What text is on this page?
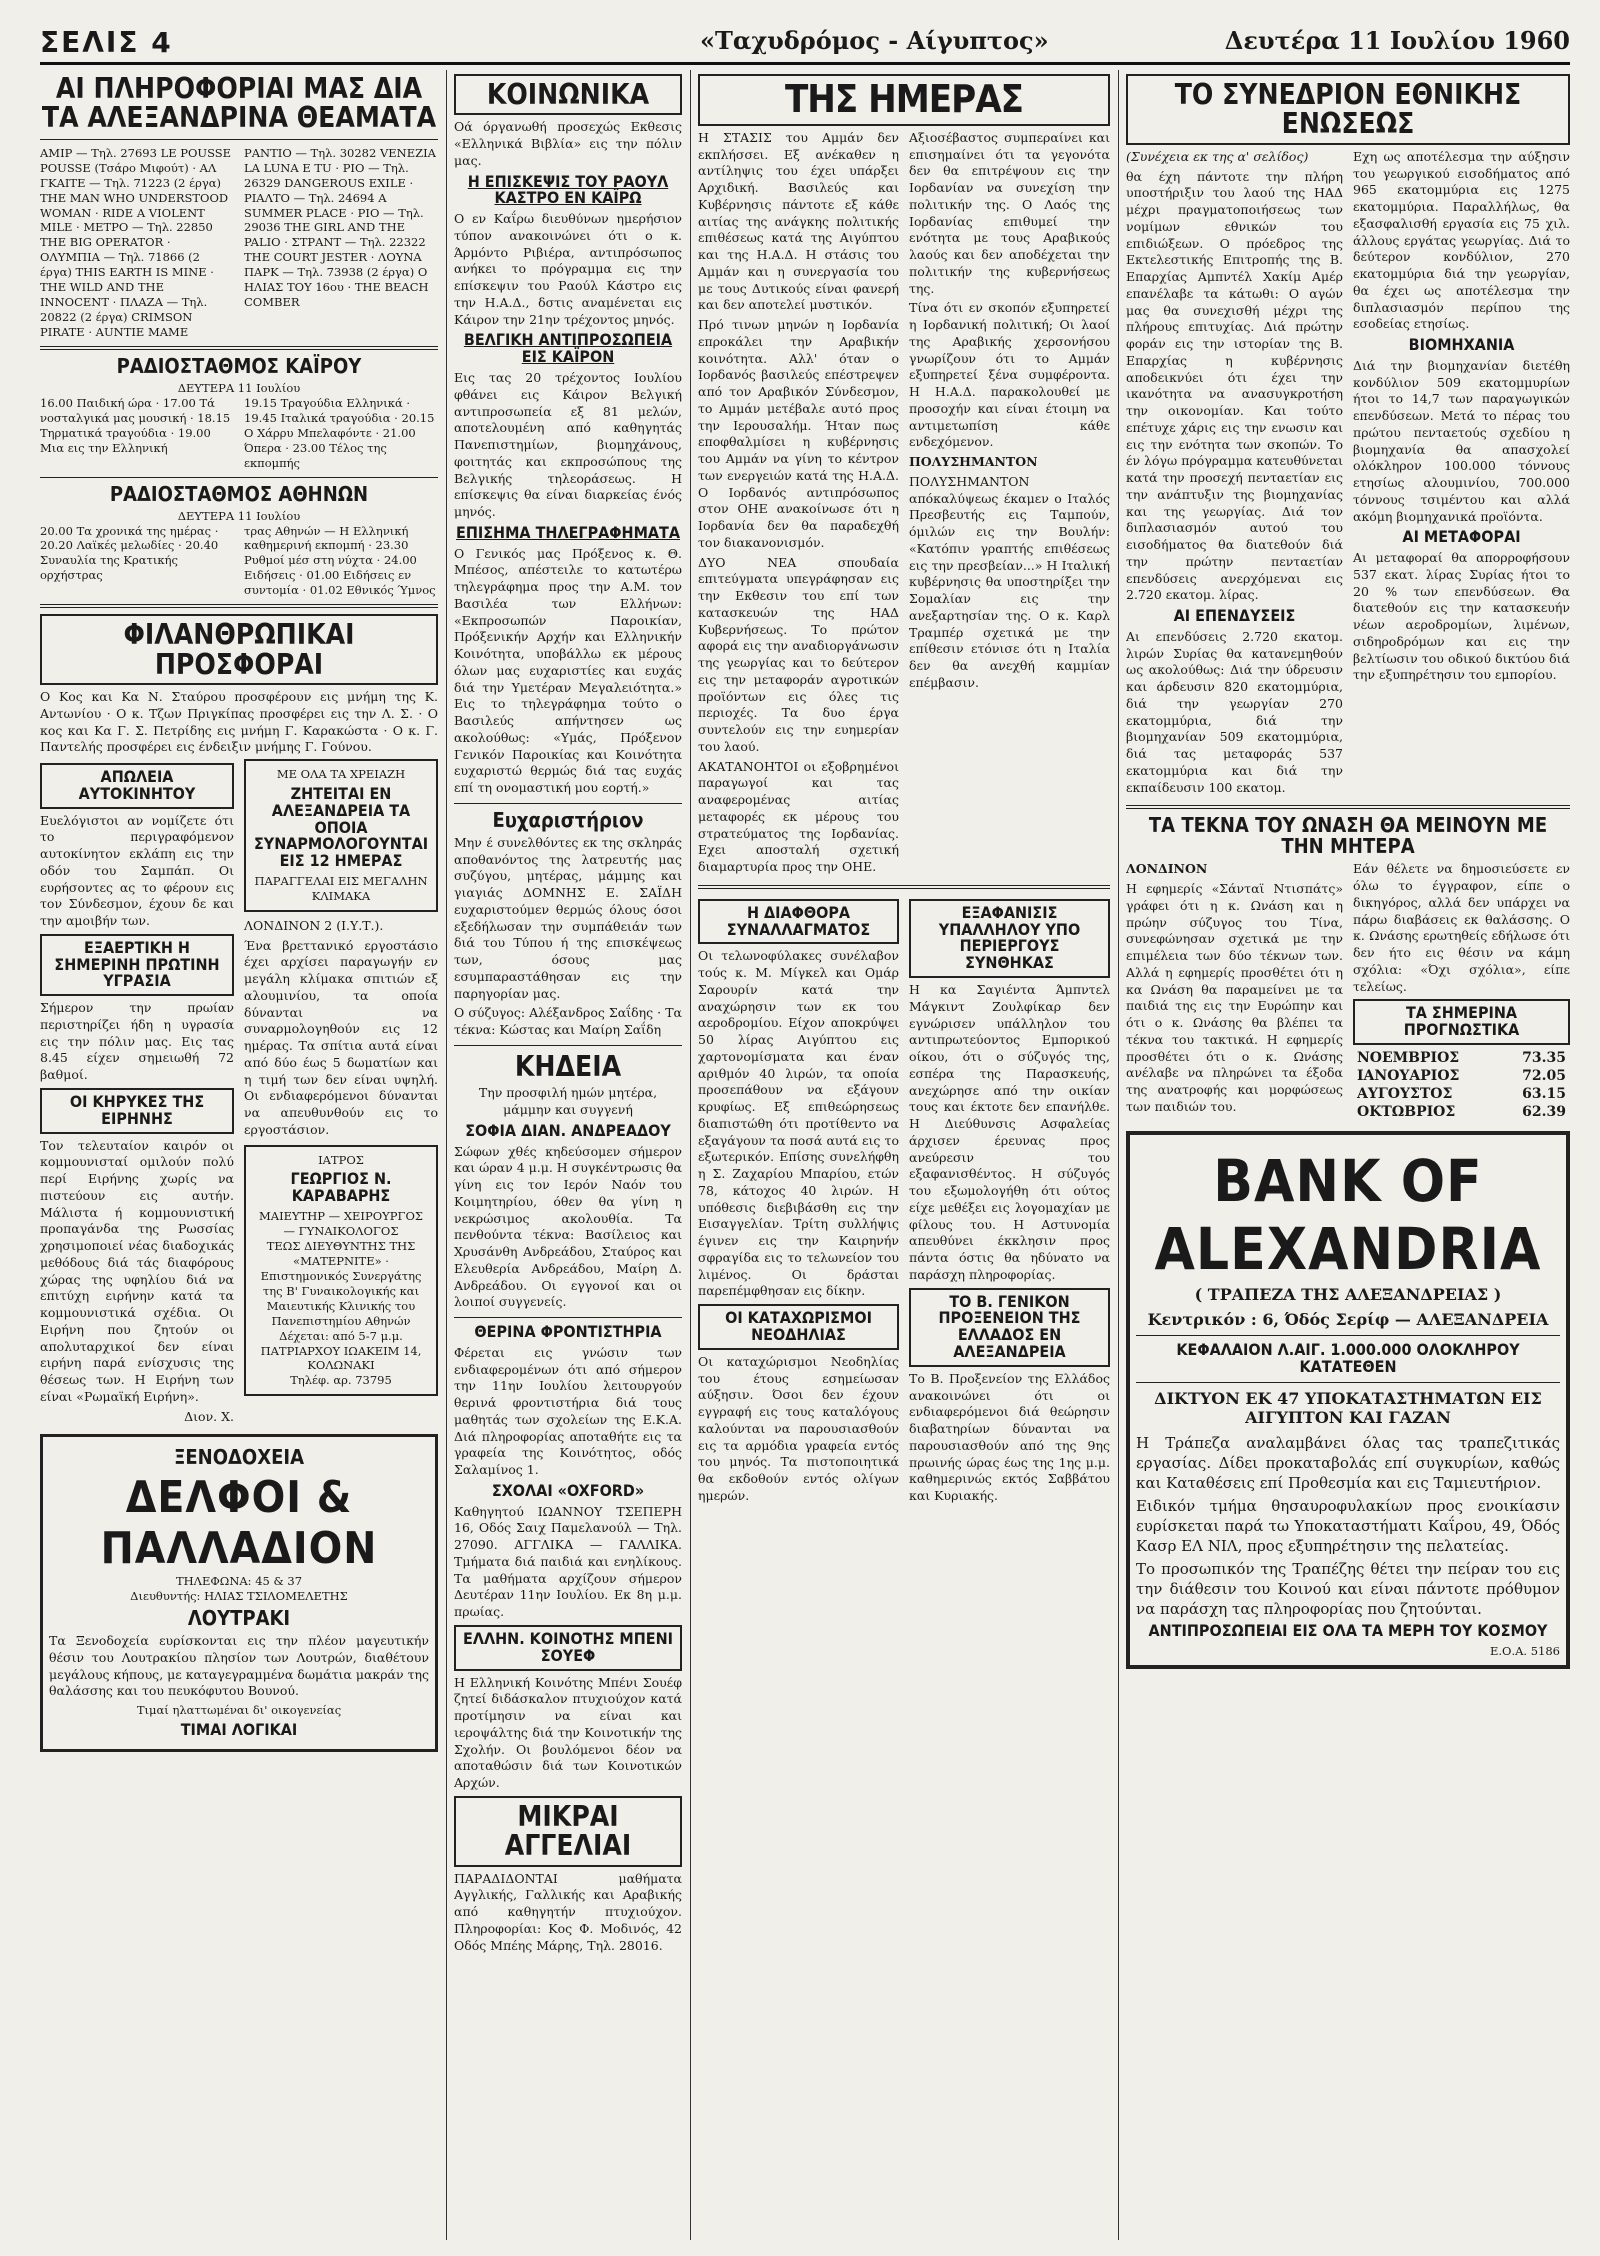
ΣΕΛΙΣ 4	«Ταχυδρόμος - Αίγυπτος»	Δευτέρα 11 Ιουλίου 1960
ΑΙ ΠΛΗΡΟΦΟΡΙΑΙ ΜΑΣ ΔΙΑ ΤΑ ΑΛΕΞΑΝΔΡΙΝΑ ΘΕΑΜΑΤΑ
ΑΜΙΡ — Τηλ. 27693 LE POUSSE POUSSE (Τσάρο Μιφούτ) · ΑΛ ΓΚΑΙΤΕ — Τηλ. 71223 (2 έργα) THE MAN WHO UNDERSTOOD WOMAN · RIDE A VIOLENT MILE · ΜΕΤΡΟ — Τηλ. 22850 THE BIG OPERATOR · ΟΛΥΜΠΙΑ — Τηλ. 71866 (2 έργα) THIS EARTH IS MINE · THE WILD AND THE INNOCENT · ΠΛΑΖΑ — Τηλ. 20822 (2 έργα) CRIMSON PIRATE · AUNTIE MAME
ΡΑΝΤΙΟ — Τηλ. 30282 VENEZIA LA LUNA E TU · ΡΙΟ — Τηλ. 26329 DANGEROUS EXILE · ΡΙΑΛΤΟ — Τηλ. 24694 A SUMMER PLACE · ΡΙΟ — Τηλ. 29036 THE GIRL AND THE PALIO · ΣΤΡΑΝΤ — Τηλ. 22322 THE COURT JESTER · ΛΟΥΝΑ ΠΑΡΚ — Τηλ. 73938 (2 έργα) Ο ΗΛΙΑΣ ΤΟΥ 16ου · THE BEACH COMBER
ΡΑΔΙΟΣΤΑΘΜΟΣ ΚΑΪΡΟΥ
ΔΕΥΤΕΡΑ 11 Ιουλίου
16.00 Παιδική ώρα · 17.00 Τά νοσταλγικά μας μουσική · 18.15 Τηρματικά τραγούδια · 19.00 Μια εις την Ελληνική
19.15 Τραγούδια Ελληνικά · 19.45 Ιταλικά τραγούδια · 20.15 Ο Χάρρυ Μπελαφόντε · 21.00 Όπερα · 23.00 Τέλος της εκπομπής
ΡΑΔΙΟΣΤΑΘΜΟΣ ΑΘΗΝΩΝ
ΔΕΥΤΕΡΑ 11 Ιουλίου
20.00 Τα χρονικά της ημέρας · 20.20 Λαϊκές μελωδίες · 20.40 Συναυλία της Κρατικής ορχήστρας
τρας Αθηνών — Η Ελληνική καθημερινή εκπομπή · 23.30 Ρυθμοί μέσ στη νύχτα · 24.00 Ειδήσεις · 01.00 Ειδήσεις εν συντομία · 01.02 Εθνικός Ύμνος
ΦΙΛΑΝΘΡΩΠΙΚΑΙ ΠΡΟΣΦΟΡΑΙ

Ο Κος και Κα Ν. Σταύρου προσφέρουν εις μνήμη της Κ. Αντωνίου · Ο κ. Τζων Πριγκίπας προσφέρει εις την Λ. Σ. · Ο κος και Κα Γ. Σ. Πετρίδης εις μνήμη Γ. Καρακώστα · Ο κ. Γ. Παντελής προσφέρει εις ένδειξιν μνήμης Γ. Γούνου.

ΑΠΩΛΕΙΑ ΑΥΤΟΚΙΝΗΤΟΥ

Ευελόγιστοι αν νομίζετε ότι το περιγραφόμενον αυτοκίνητον εκλάπη εις την οδόν του Σαμπάπ. Οι ευρήσοντες ας το φέρουν εις τον Σύνδεσμον, έχουν δε και την αμοιβήν των.

ΕΞΑΕΡΤΙΚΗ Η ΣΗΜΕΡΙΝΗ ΠΡΩΤΙΝΗ ΥΓΡΑΣΙΑ

Σήμερον την πρωίαν περιστηρίζει ήδη η υγρασία εις την πόλιν μας. Εις τας 8.45 είχεν σημειωθή 72 βαθμοί.

ΟΙ ΚΗΡΥΚΕΣ ΤΗΣ ΕΙΡΗΝΗΣ

Τον τελευταίον καιρόν οι κομμουνισταί ομιλούν πολύ περί Ειρήνης χωρίς να πιστεύουν εις αυτήν. Μάλιστα ή κομμουνιστική προπαγάνδα της Ρωσσίας χρησιμοποιεί νέας διαδοχικάς μεθόδους διά τάς διαφόρους χώρας της υφηλίου διά να επιτύχη ειρήνην κατά τα κομμουνιστικά σχέδια. Οι Ειρήνη που ζητούν οι απολυταρχικοί δεν είναι ειρήνη παρά ενίσχυσις της θέσεως των. Η Ειρήνη των είναι «Ρωμαϊκή Ειρήνη».

Διον. Χ.

ΜΕ ΟΛΑ ΤΑ ΧΡΕΙΑΖΗ
ΖΗΤΕΙΤΑΙ ΕΝ ΑΛΕΞΑΝΔΡΕΙΑ ΤΑ ΟΠΟΙΑ ΣΥΝΑΡΜΟΛΟΓΟΥΝΤΑΙ ΕΙΣ 12 ΗΜΕΡΑΣ
ΠΑΡΑΓΓΕΛΑΙ ΕΙΣ ΜΕΓΑΛΗΝ ΚΛΙΜΑΚΑ

ΛΟΝΔΙΝΟΝ 2 (Ι.Υ.Τ.).

Ένα βρεττανικό εργοστάσιο έχει αρχίσει παραγωγήν εν μεγάλη κλίμακα σπιτιών εξ αλουμινίου, τα οποία δύνανται να συναρμολογηθούν εις 12 ημέρας. Τα σπίτια αυτά είναι από δύο έως 5 δωματίων και η τιμή των δεν είναι υψηλή. Οι ενδιαφερόμενοι δύνανται να απευθυνθούν εις το εργοστάσιον.

ΙΑΤΡΟΣ
ΓΕΩΡΓΙΟΣ Ν. ΚΑΡΑΒΑΡΗΣ
ΜΑΙΕΥΤΗΡ — ΧΕΙΡΟΥΡΓΟΣ — ΓΥΝΑΙΚΟΛΟΓΟΣ
ΤΕΩΣ ΔΙΕΥΘΥΝΤΗΣ ΤΗΣ «ΜΑΤΕΡΝΙΤΕ» · Επιστημονικός Συνεργάτης της Β' Γυναικολογικής και Μαιευτικής Κλινικής του Πανεπιστημίου Αθηνών
Δέχεται: από 5-7 μ.μ.
ΠΑΤΡΙΑΡΧΟΥ ΙΩΑΚΕΙΜ 14, ΚΟΛΩΝΑΚΙ
Τηλέφ. αρ. 73795
ΞΕΝΟΔΟΧΕΙΑ
ΔΕΛΦΟΙ & ΠΑΛΛΑΔΙΟΝ
ΤΗΛΕΦΩΝΑ: 45 & 37
Διευθυντής: ΗΛΙΑΣ ΤΣΙΛΟΜΕΛΕΤΗΣ
ΛΟΥΤΡΑΚΙ

Τα Ξενοδοχεία ευρίσκονται εις την πλέον μαγευτικήν θέσιν του Λουτρακίου πλησίον των Λουτρών, διαθέτουν μεγάλους κήπους, με καταγεγραμμένα δωμάτια μακράν της θαλάσσης και του πευκόφυτου Βουνού.

Τιμαί ηλαττωμέναι δι' οικογενείας
ΤΙΜΑΙ ΛΟΓΙΚΑΙ
ΚΟΙΝΩΝΙΚΑ

Οά όργανωθή προσεχώς Εκθεσις «Ελληνικά Βιβλία» εις την πόλιν μας.

Η ΕΠΙΣΚΕΨΙΣ ΤΟΥ ΡΑΟΥΛ ΚΑΣΤΡΟ ΕΝ ΚΑΪΡΩ

Ο εν Καΐρω διευθύνων ημερήσιον τύπον ανακοινώνει ότι ο κ. Άρμόντο Ριβιέρα, αντιπρόσωπος ανήκει το πρόγραμμα εις την επίσκεψιν του Ραούλ Κάστρο εις την Η.Α.Δ., δστις αναμένεται εις Κάιρον την 21ην τρέχοντος μηνός.

ΒΕΛΓΙΚΗ ΑΝΤΙΠΡΟΣΩΠΕΙΑ ΕΙΣ ΚΑΪΡΟΝ

Εις τας 20 τρέχοντος Ιουλίου φθάνει εις Κάιρον Βελγική αντιπροσωπεία εξ 81 μελών, αποτελουμένη από καθηγητάς Πανεπιστημίων, βιομηχάνους, φοιτητάς και εκπροσώπους της Βελγικής τηλεοράσεως. Η επίσκεψις θα είναι διαρκείας ένός μηνός.

ΕΠΙΣΗΜΑ ΤΗΛΕΓΡΑΦΗΜΑΤΑ

Ο Γενικός μας Πρόξενος κ. Θ. Μπέσος, απέστειλε το κατωτέρω τηλεγράφημα προς την Α.Μ. τον Βασιλέα των Ελλήνων: «Εκπροσωπών Παροικίαν, Πρόξενικήν Αρχήν και Ελληνικήν Κοινότητα, υποβάλλω εκ μέρους όλων μας ευχαριστίες και ευχάς διά την Υμετέραν Μεγαλειότητα.» Εις το τηλεγράφημα τούτο ο Βασιλεύς απήντησεν ως ακολούθως: «Υμάς, Πρόξενον Γενικόν Παροικίας και Κοινότητα ευχαριστώ θερμώς διά τας ευχάς επί τη ονομαστική μου εορτή.»

Ευχαριστήριον

Μην έ συνελθόντες εκ της σκληράς αποθανόντος της λατρευτής μας συζύγου, μητέρας, μάμμης και γιαγιάς ΔΟΜΝΗΣ Ε. ΣΑΪΔΗ ευχαριστούμεν θερμώς όλους όσοι εξεδήλωσαν την συμπάθειάν των διά του Τύπου ή της επισκέψεως των, όσους μας εσυμπαραστάθησαν εις την παρηγορίαν μας.

Ο σύζυγος: Αλέξανδρος Σαΐδης · Τα τέκνα: Κώστας και Μαίρη Σαΐδη

ΚΗΔΕΙΑ

Την προσφιλή ημών μητέρα, μάμμην και συγγενή

ΣΟΦΙΑ ΔΙΑΝ. ΑΝΔΡΕΑΔΟΥ

Σώφων χθές κηδεύσομεν σήμερον και ώραν 4 μ.μ. Η συγκέντρωσις θα γίνη εις τον Ιερόν Ναόν του Κοιμητηρίου, όθεν θα γίνη η νεκρώσιμος ακολουθία. Τα πενθούντα τέκνα: Βασίλειος και Χρυσάνθη Ανδρεάδου, Σταύρος και Ελευθερία Ανδρεάδου, Μαίρη Δ. Ανδρεάδου. Οι εγγονοί και οι λοιποί συγγενείς.

ΘΕΡΙΝΑ ΦΡΟΝΤΙΣΤΗΡΙΑ

Φέρεται εις γνώσιν των ενδιαφερομένων ότι από σήμερον την 11ην Ιουλίου λειτουργούν θερινά φροντιστήρια διά τους μαθητάς των σχολείων της Ε.Κ.Α. Διά πληροφορίας αποταθήτε εις τα γραφεία της Κοινότητος, οδός Σαλαμίνος 1.

ΣΧΟΛΑΙ «OXFORD»

Καθηγητού ΙΩΑΝΝΟΥ ΤΣΕΠΕΡΗ 16, Οδός Σαιχ Παμελανούλ — Τηλ. 27090. ΑΓΓΛΙΚΑ — ΓΑΛΛΙΚΑ. Τμήματα διά παιδιά και ενηλίκους. Τα μαθήματα αρχίζουν σήμερον Δευτέραν 11ην Ιουλίου. Εκ 8η μ.μ. πρωίας.

ΕΛΛΗΝ. ΚΟΙΝΟΤΗΣ ΜΠΕΝΙ ΣΟΥΕΦ

Η Ελληνική Κοινότης Μπένι Σουέφ ζητεί διδάσκαλον πτυχιούχον κατά προτίμησιν να είναι και ιεροψάλτης διά την Κοινοτικήν της Σχολήν. Οι βουλόμενοι δέον να αποταθώσιν διά των Κοινοτικών Αρχών.

ΜΙΚΡΑΙ ΑΓΓΕΛΙΑΙ

ΠΑΡΑΔΙΔΟΝΤΑΙ μαθήματα Αγγλικής, Γαλλικής και Αραβικής από καθηγητήν πτυχιούχον. Πληροφορίαι: Κος Φ. Μοδινός, 42 Οδός Μπέης Μάρης, Τηλ. 28016.

ΤΗΣ ΗΜΕΡΑΣ

Η ΣΤΑΣΙΣ του Αμμάν δεν εκπλήσσει. Εξ ανέκαθεν η αντίληψις του έχει υπάρξει Αρχιδική. Βασιλεύς και Κυβέρνησις πάντοτε εξ κάθε αιτίας της ανάγκης πολιτικής επιθέσεως κατά της Αιγύπτου και της Η.Α.Δ. Η στάσις του Αμμάν και η συνεργασία του με τους Δυτικούς είναι φανερή και δεν αποτελεί μυστικόν.

Πρό τινων μηνών η Ιορδανία επροκάλει την Αραβικήν κοινότητα. Αλλ' όταν ο Ιορδανός βασιλεύς επέστρεψεν από τον Αραβικόν Σύνδεσμον, το Αμμάν μετέβαλε αυτό προς την Ιερουσαλήμ. Ήταν πως εποφθαλμίσει η κυβέρνησις του Αμμάν να γίνη το κέντρον των ενεργειών κατά της Η.Α.Δ. Ο Ιορδανός αντιπρόσωπος στον ΟΗΕ ανακοίνωσε ότι η Ιορδανία δεν θα παραδεχθή τον διακανονισμόν.

ΔΥΟ ΝΕΑ σπουδαία επιτεύγματα υπεγράφησαν εις την Εκθεσιν του επί των κατασκευών της ΗΑΔ Κυβερνήσεως. Το πρώτον αφορά εις την αναδιοργάνωσιν της γεωργίας και το δεύτερον εις την μεταφοράν αγροτικών προϊόντων εις όλες τις περιοχές. Τα δυο έργα συντελούν εις την ευημερίαν του λαού.

ΑΚΑΤΑΝΟΗΤΟΙ οι εξοβρημένοι παραγωγοί και τας αναφερομένας αιτίας μεταφορές εκ μέρους του στρατεύματος της Ιορδανίας. Εχει αποσταλή σχετική διαμαρτυρία προς την ΟΗΕ.

Αξιοσέβαστος συμπεραίνει και επισημαίνει ότι τα γεγονότα δεν θα επιτρέψουν εις την Ιορδανίαν να συνεχίση την πολιτικήν της. Ο Λαός της Ιορδανίας επιθυμεί την ενότητα με τους Αραβικούς λαούς και δεν αποδέχεται την πολιτικήν της κυβερνήσεως της.

Τίνα ότι εν σκοπόν εξυπηρετεί η Ιορδανική πολιτική; Οι λαοί της Αραβικής χερσονήσου γνωρίζουν ότι το Αμμάν εξυπηρετεί ξένα συμφέροντα. Η Η.Α.Δ. παρακολουθεί με προσοχήν και είναι έτοιμη να αντιμετωπίση κάθε ενδεχόμενον.

ΠΟΛΥΣΗΜΑΝΤΟΝ

ΠΟΛΥΣΗΜΑΝΤΟΝ απόκαλύψεως έκαμεν ο Ιταλός Πρεσβευτής εις Ταμπούν, όμιλών εις την Βουλήν: «Κατόπιν γραπτής επιθέσεως εις την πρεσβείαν...» Η Ιταλική κυβέρνησις θα υποστηρίξει την Σομαλίαν εις την ανεξαρτησίαν της. Ο κ. Καρλ Τραμπέρ σχετικά με την επίθεσιν ετόνισε ότι η Ιταλία δεν θα ανεχθή καμμίαν επέμβασιν.

Η ΔΙΑΦΘΟΡΑ ΣΥΝΑΛΛΑΓΜΑΤΟΣ

Οι τελωνοφύλακες συνέλαβον τούς κ. Μ. Μίγκελ και Ομάρ Σαρουρίν κατά την αναχώρησιν των εκ του αεροδρομίου. Είχον αποκρύψει 50 λίρας Αιγύπτου εις χαρτονομίσματα και έναν αριθμόν 40 λιρών, τα οποία προσεπάθουν να εξάγουν κρυφίως. Εξ επιθεώρησεως διαπιστώθη ότι προτίθεντο να εξαγάγουν τα ποσά αυτά εις το εξωτερικόν. Επίσης συνελήφθη η Σ. Ζαχαρίου Μπαρίου, ετών 78, κάτοχος 40 λιρών. Η υπόθεσις διεβιβάσθη εις την Εισαγγελίαν. Τρίτη συλλήψις έγινεν εις την Καιρηνήν σφραγίδα εις το τελωνείον του λιμένος. Οι δράσται παρεπέμφθησαν εις δίκην.

ΟΙ ΚΑΤΑΧΩΡΙΣΜΟΙ ΝΕΟΔΗΛΙΑΣ

Οι καταχώρισμοι Νεοδηλίας του έτους εσημείωσαν αύξησιν. Όσοι δεν έχουν εγγραφή εις τους καταλόγους καλούνται να παρουσιασθούν εις τα αρμόδια γραφεία εντός του μηνός. Τα πιστοποιητικά θα εκδοθούν εντός ολίγων ημερών.

ΕΞΑΦΑΝΙΣΙΣ ΥΠΑΛΛΗΛΟΥ ΥΠΟ ΠΕΡΙΕΡΓΟΥΣ ΣΥΝΘΗΚΑΣ

Η κα Σαγιέντα Άμπντελ Μάγκιντ Ζουλφίκαρ δεν εγνώρισεν υπάλληλον του αντιπρωτεύοντος Εμπορικού οίκου, ότι ο σύζυγός της, εσπέρα της Παρασκευής, ανεχώρησε από την οικίαν τους και έκτοτε δεν επανήλθε. Η Διεύθυνσις Ασφαλείας άρχισεν έρευνας προς ανεύρεσιν του εξαφανισθέντος. Η σύζυγός του εξωμολογήθη ότι ούτος είχε μεθέξει εις λογομαχίαν με φίλους του. Η Αστυνομία απευθύνει έκκλησιν προς πάντα όστις θα ηδύνατο να παράσχη πληροφορίας.

ΤΟ Β. ΓΕΝΙΚΟΝ ΠΡΟΞΕΝΕΙΟΝ ΤΗΣ ΕΛΛΑΔΟΣ ΕΝ ΑΛΕΞΑΝΔΡΕΙΑ

Το Β. Προξενείον της Ελλάδος ανακοινώνει ότι οι ενδιαφερόμενοι διά θεώρησιν διαβατηρίων δύνανται να παρουσιασθούν από της 9ης πρωινής ώρας έως της 1ης μ.μ. καθημερινώς εκτός Σαββάτου και Κυριακής.

ΤΟ ΣΥΝΕΔΡΙΟΝ ΕΘΝΙΚΗΣ ΕΝΩΣΕΩΣ

(Συνέχεια εκ της α' σελίδος)

θα έχη πάντοτε την πλήρη υποστήριξιν του λαού της ΗΑΔ μέχρι πραγματοποιήσεως των νομίμων εθνικών του επιδιώξεων. Ο πρόεδρος της Εκτελεστικής Επιτροπής της Β. Επαρχίας Αμπντέλ Χακίμ Αμέρ επανέλαβε τα κάτωθι: Ο αγών μας θα συνεχισθή μέχρι της πλήρους επιτυχίας. Διά πρώτην φοράν εις την ιστορίαν της Β. Επαρχίας η κυβέρνησις αποδεικνύει ότι έχει την ικανότητα να ανασυγκροτήση την οικονομίαν. Και τούτο επέτυχε χάρις εις την ενωσιν και εις την ενότητα των σκοπών. Το έν λόγω πρόγραμμα κατευθύνεται κατά την προσεχή πενταετίαν εις την ανάπτυξιν της βιομηχανίας και της γεωργίας. Διά τον διπλασιασμόν αυτού του εισοδήματος θα διατεθούν διά την πρώτην πενταετίαν επενδύσεις ανερχόμεναι εις 2.720 εκατομ. λίρας.

ΑΙ ΕΠΕΝΔΥΣΕΙΣ

Αι επενδύσεις 2.720 εκατομ. λιρών Συρίας θα κατανεμηθούν ως ακολούθως: Διά την ύδρευσιν και άρδευσιν 820 εκατομμύρια, διά την γεωργίαν 270 εκατομμύρια, διά την βιομηχανίαν 509 εκατομμύρια, διά τας μεταφοράς 537 εκατομμύρια και διά την εκπαίδευσιν 100 εκατομ.

Εχη ως αποτέλεσμα την αύξησιν του γεωργικού εισοδήματος από 965 εκατομμύρια εις 1275 εκατομμύρια. Παραλλήλως, θα εξασφαλισθή εργασία εις 75 χιλ. άλλους εργάτας γεωργίας. Διά το δεύτερον κονδύλιον, 270 εκατομμύρια διά την γεωργίαν, θα έχει ως αποτέλεσμα την διπλασιασμόν περίπου της εσοδείας ετησίως.

ΒΙΟΜΗΧΑΝΙΑ

Διά την βιομηχανίαν διετέθη κονδύλιον 509 εκατομμυρίων ήτοι το 14,7 των παραγωγικών επενδύσεων. Μετά το πέρας του πρώτου πενταετούς σχεδίου η βιομηχανία θα απασχολεί ολόκληρον 100.000 τόννους ετησίως αλουμινίου, 700.000 τόννους τσιμέντου και αλλά ακόμη βιομηχανικά προϊόντα.

ΑΙ ΜΕΤΑΦΟΡΑΙ

Αι μεταφοραί θα απορροφήσουν 537 εκατ. λίρας Συρίας ήτοι το 20 % των επενδύσεων. Θα διατεθούν εις την κατασκευήν νέων αεροδρομίων, λιμένων, σιδηροδρόμων και εις την βελτίωσιν του οδικού δικτύου διά την εξυπηρέτησιν του εμπορίου.

ΤΑ ΤΕΚΝΑ ΤΟΥ ΩΝΑΣΗ ΘΑ ΜΕΙΝΟΥΝ ΜΕ ΤΗΝ ΜΗΤΕΡΑ

ΛΟΝΔΙΝΟΝ

Η εφημερίς «Σάνταϊ Ντισπάτς» γράφει ότι η κ. Ωνάση και η πρώην σύζυγος του Τίνα, συνεφώνησαν σχετικά με την επιμέλεια των δύο τέκνων των. Αλλά η εφημερίς προσθέτει ότι η κα Ωνάση θα παραμείνει με τα παιδιά της εις την Ευρώπην και ότι ο κ. Ωνάσης θα βλέπει τα τέκνα του τακτικά. Η εφημερίς προσθέτει ότι ο κ. Ωνάσης ανέλαβε να πληρώνει τα έξοδα της ανατροφής και μορφώσεως των παιδιών του.

Εάν θέλετε να δημοσιεύσετε εν όλω το έγγραφον, είπε ο δικηγόρος, αλλά δεν υπάρχει να πάρω διαβάσεις εκ θαλάσσης. Ο κ. Ωνάσης ερωτηθείς εδήλωσε ότι δεν ήτο εις θέσιν να κάμη σχόλια: «Όχι σχόλια», είπε τελείως.

ΤΑ ΣΗΜΕΡΙΝΑ ΠΡΟΓΝΩΣΤΙΚΑ
ΝΟΕΜΒΡΙΟΣ	73.35
ΙΑΝΟΥΑΡΙΟΣ	72.05
ΑΥΓΟΥΣΤΟΣ	63.15
ΟΚΤΩΒΡΙΟΣ	62.39
BANK OF ALEXANDRIA
( ΤΡΑΠΕΖΑ ΤΗΣ ΑΛΕΞΑΝΔΡΕΙΑΣ )
Κεντρικόν : 6, Όδός Σερίφ — ΑΛΕΞΑΝΔΡΕΙΑ
ΚΕΦΑΛΑΙΟΝ Λ.ΑΙΓ. 1.000.000 ΟΛΟΚΛΗΡΟΥ ΚΑΤΑΤΕΘΕΝ
ΔΙΚΤΥΟΝ ΕΚ 47 ΥΠΟΚΑΤΑΣΤΗΜΑΤΩΝ ΕΙΣ ΑΙΓΥΠΤΟΝ ΚΑΙ ΓΑΖΑΝ

Η Τράπεζα αναλαμβάνει όλας τας τραπεζιτικάς εργασίας. Δίδει προκαταβολάς επί συγκυρίων, καθώς και Καταθέσεις επί Προθεσμία και εις Ταμιευτήριον.

Ειδικόν τμήμα θησαυροφυλακίων προς ενοικίασιν ευρίσκεται παρά τω Υποκαταστήματι Καΐρου, 49, Όδός Κασρ ΕΛ ΝΙΛ, προς εξυπηρέτησιν της πελατείας.

Το προσωπικόν της Τραπέζης θέτει την πείραν του εις την διάθεσιν του Κοινού και είναι πάντοτε πρόθυμον να παράσχη τας πληροφορίας που ζητούνται.

ΑΝΤΙΠΡΟΣΩΠΕΙΑΙ ΕΙΣ ΟΛΑ ΤΑ ΜΕΡΗ ΤΟΥ ΚΟΣΜΟΥ
Ε.Ο.Α. 5186
